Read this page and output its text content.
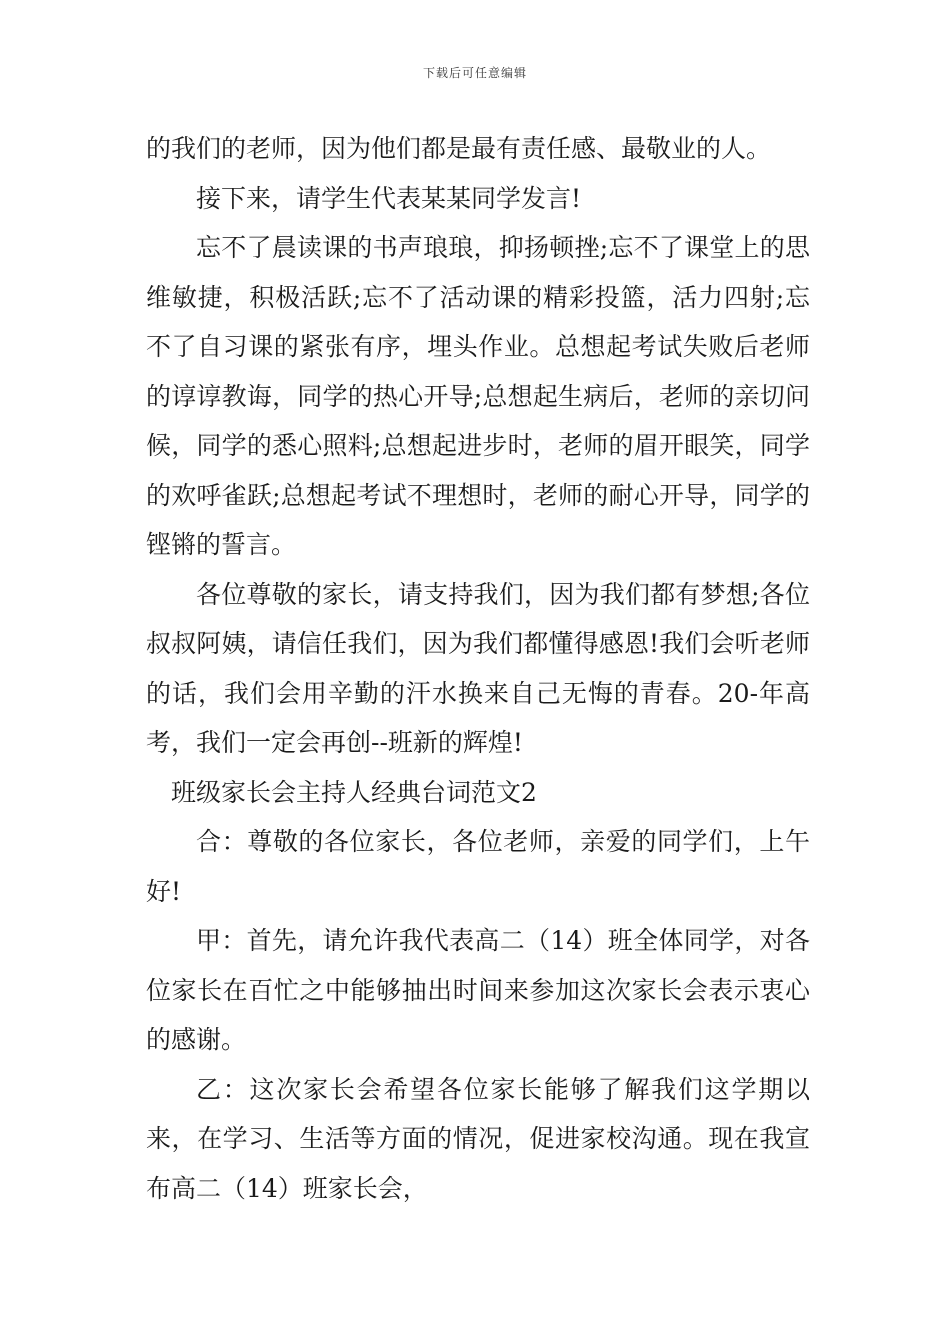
下载后可任意编辑

的我们的老师，因为他们都是最有责任感、最敬业的人。

接下来，请学生代表某某同学发言!

忘不了晨读课的书声琅琅，抑扬顿挫;忘不了课堂上的思维敏捷，积极活跃;忘不了活动课的精彩投篮，活力四射;忘不了自习课的紧张有序，埋头作业。总想起考试失败后老师的谆谆教诲，同学的热心开导;总想起生病后，老师的亲切问候，同学的悉心照料;总想起进步时，老师的眉开眼笑，同学的欢呼雀跃;总想起考试不理想时，老师的耐心开导，同学的铿锵的誓言。

各位尊敬的家长，请支持我们，因为我们都有梦想;各位叔叔阿姨，请信任我们，因为我们都懂得感恩!我们会听老师的话，我们会用辛勤的汗水换来自己无悔的青春。20-年高考，我们一定会再创--班新的辉煌!

班级家长会主持人经典台词范文2

合：尊敬的各位家长，各位老师，亲爱的同学们，上午好!

甲：首先，请允许我代表高二（14）班全体同学，对各位家长在百忙之中能够抽出时间来参加这次家长会表示衷心的感谢。

乙：这次家长会希望各位家长能够了解我们这学期以来，在学习、生活等方面的情况，促进家校沟通。现在我宣布高二（14）班家长会，
